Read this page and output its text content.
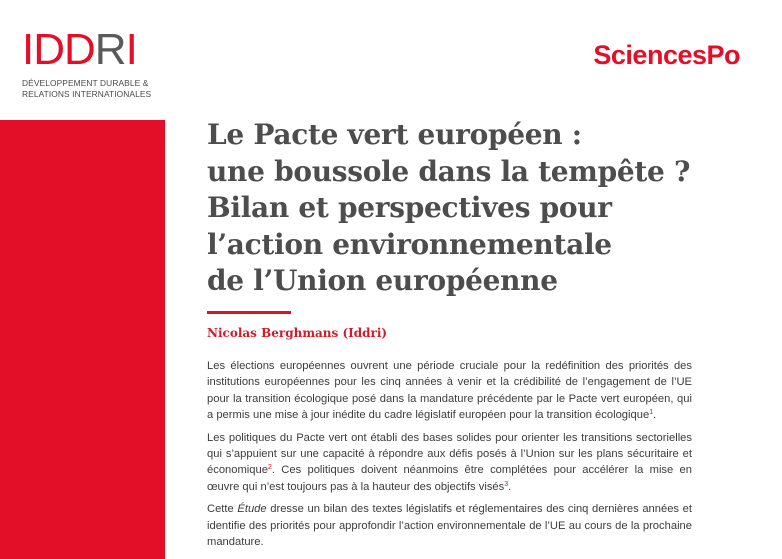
IDDRI
DÉVELOPPEMENT DURABLE &
RELATIONS INTERNATIONALES
SciencesPo
Le Pacte vert européen :
une boussole dans la tempête ?
Bilan et perspectives pour
l’action environnementale
de l’Union européenne
Nicolas Berghmans (Iddri)

Les élections européennes ouvrent une période cruciale pour la redéfinition des priorités des institutions européennes pour les cinq années à venir et la crédibilité de l’engagement de l’UE pour la transition écologique posé dans la mandature précédente par le Pacte vert européen, qui a permis une mise à jour inédite du cadre législatif européen pour la transition écologique$^1$.

Les politiques du Pacte vert ont établi des bases solides pour orienter les transitions sectorielles qui s’appuient sur une capacité à répondre aux défis posés à l’Union sur les plans sécuritaire et économique$^2$. Ces politiques doivent néanmoins être complétées pour accélérer la mise en œuvre qui n’est toujours pas à la hauteur des objectifs visés$^3$.

Cette Étude dresse un bilan des textes législatifs et réglementaires des cinq dernières années et identifie des priorités pour approfondir l’action environnementale de l’UE au cours de la prochaine mandature.
